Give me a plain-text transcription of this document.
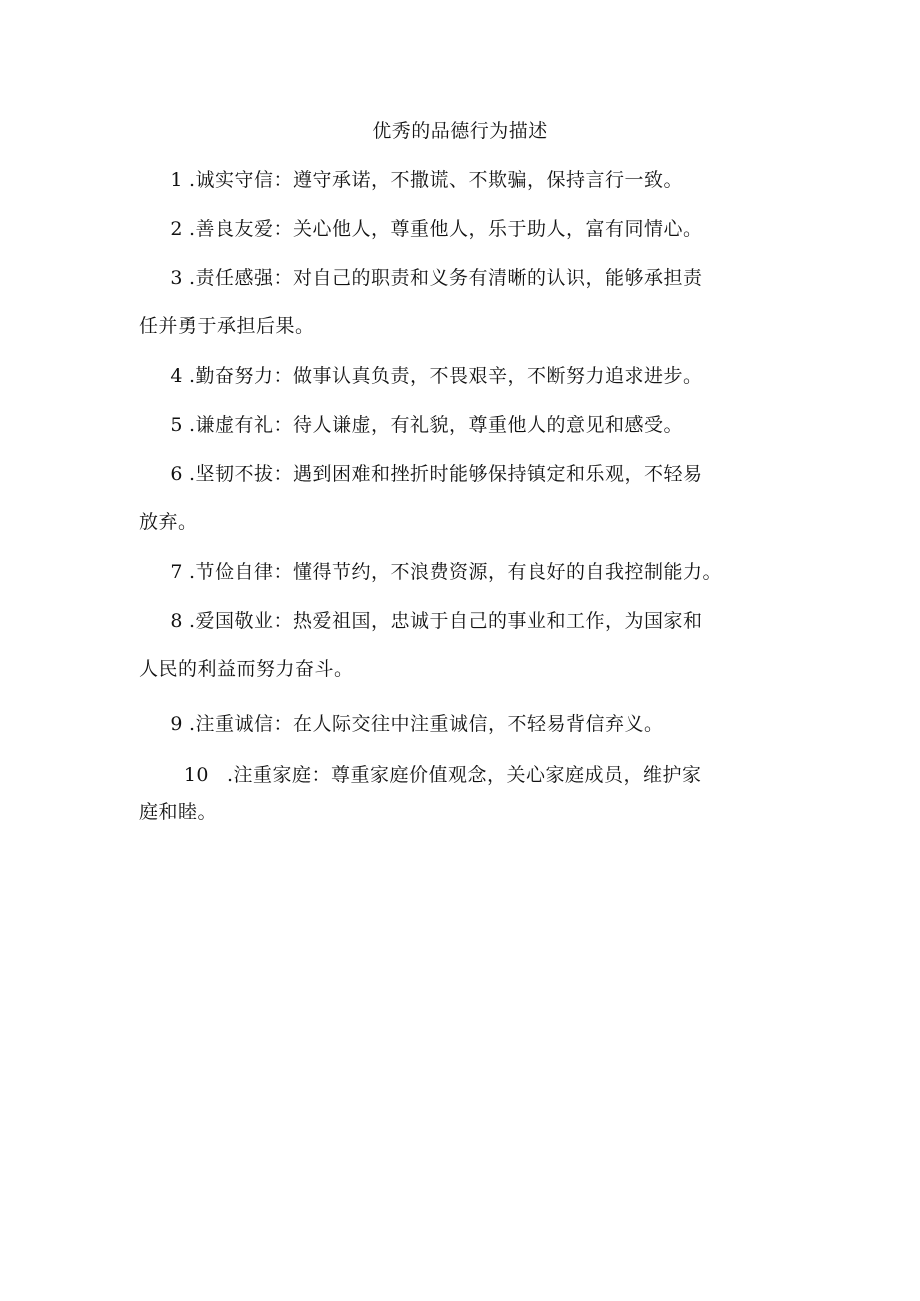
优秀的品德行为描述
1 .诚实守信：遵守承诺，不撒谎、不欺骗，保持言行一致。
2 .善良友爱：关心他人，尊重他人，乐于助人，富有同情心。
3 .责任感强：对自己的职责和义务有清晰的认识，能够承担责
任并勇于承担后果。
4 .勤奋努力：做事认真负责，不畏艰辛，不断努力追求进步。
5 .谦虚有礼：待人谦虚，有礼貌，尊重他人的意见和感受。
6 .坚韧不拔：遇到困难和挫折时能够保持镇定和乐观，不轻易
放弃。
7 .节俭自律：懂得节约，不浪费资源，有良好的自我控制能力。
8 .爱国敬业：热爱祖国，忠诚于自己的事业和工作，为国家和
人民的利益而努力奋斗。
9 .注重诚信：在人际交往中注重诚信，不轻易背信弃义。
10 .注重家庭：尊重家庭价值观念，关心家庭成员，维护家
庭和睦。
